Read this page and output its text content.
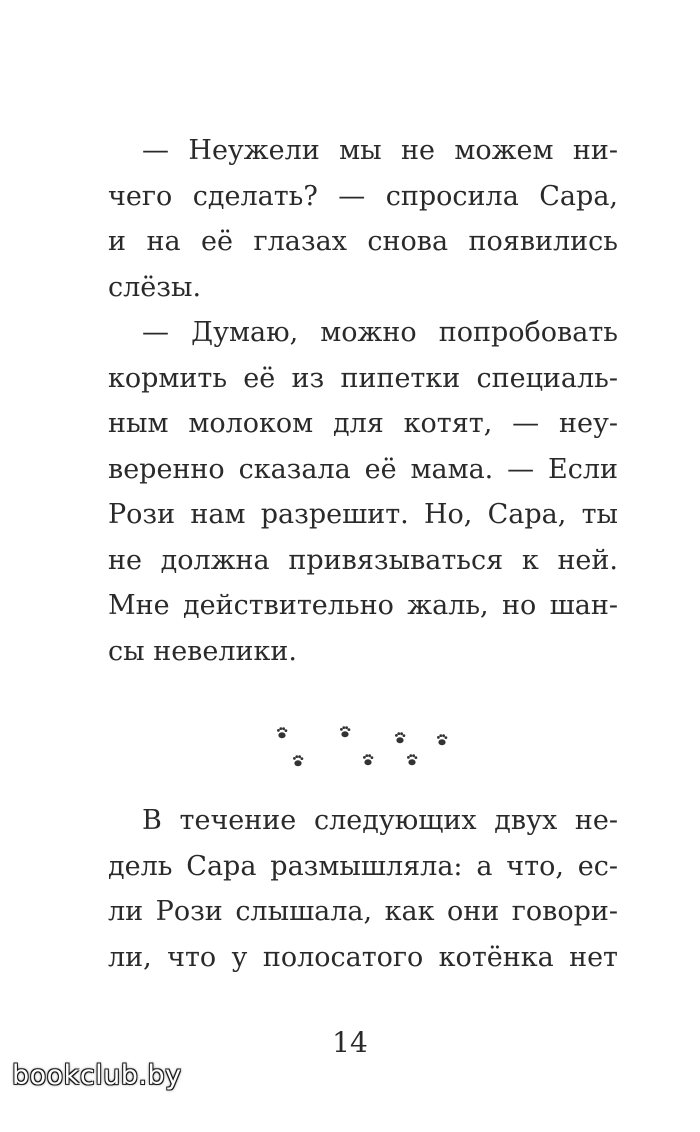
— Неужели мы не можем ни-
чего сделать? — спросила Сара,
и на её глазах снова появились
слёзы.
— Думаю, можно попробовать
кормить её из пипетки специаль-
ным молоком для котят, — неу-
веренно сказала её мама. — Если
Рози нам разрешит. Но, Сара, ты
не должна привязываться к ней.
Мне действительно жаль, но шан-
сы невелики.
В течение следующих двух не-
дель Сара размышляла: а что, ес-
ли Рози слышала, как они говори-
ли, что у полосатого котёнка нет
14
bookclub.by
